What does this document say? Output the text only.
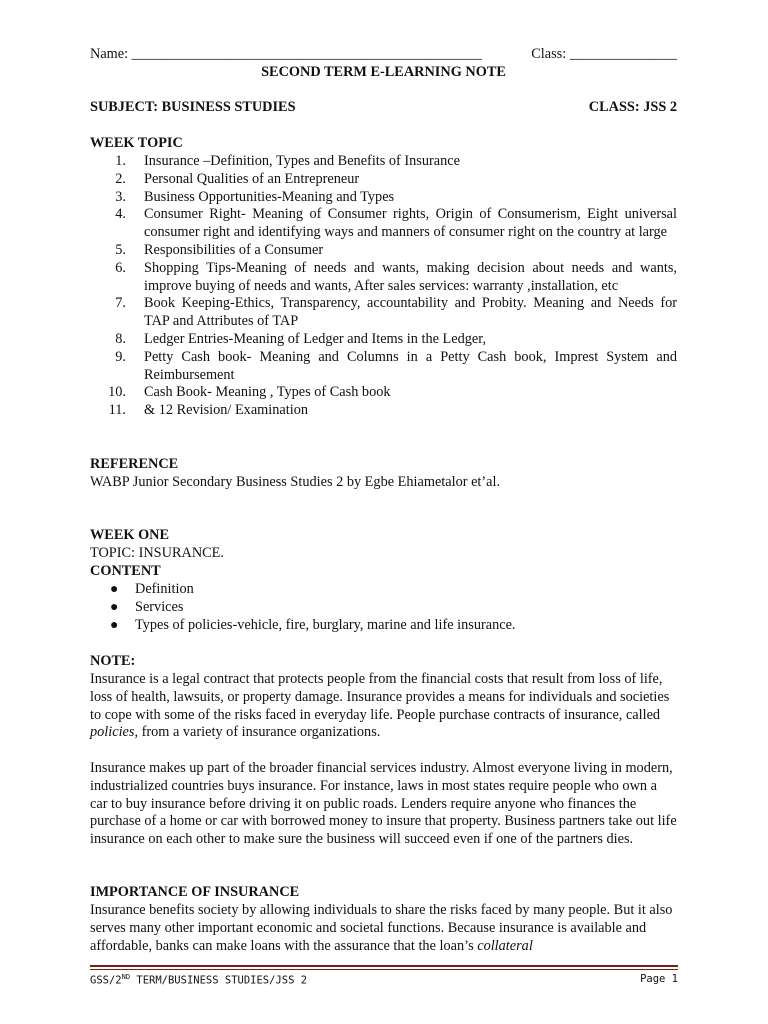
Name: _________________________________________________	Class: _______________
SECOND TERM E-LEARNING NOTE
SUBJECT: BUSINESS STUDIES	CLASS: JSS 2
WEEK TOPIC
1. Insurance –Definition, Types and Benefits of Insurance
2. Personal Qualities of an Entrepreneur
3. Business Opportunities-Meaning and Types
4. Consumer Right- Meaning of Consumer rights, Origin of Consumerism, Eight universal consumer right and identifying ways and manners of consumer right on the country at large
5. Responsibilities of a Consumer
6. Shopping Tips-Meaning of needs and wants, making decision about needs and wants, improve buying of needs and wants, After sales services: warranty ,installation, etc
7. Book Keeping-Ethics, Transparency, accountability and Probity. Meaning and Needs for TAP and Attributes of TAP
8. Ledger Entries-Meaning of Ledger and Items in the Ledger,
9. Petty Cash book- Meaning and Columns in a Petty Cash book, Imprest System and Reimbursement
10. Cash Book- Meaning , Types of Cash book
11. & 12 Revision/ Examination
REFERENCE
WABP Junior Secondary Business Studies 2 by Egbe Ehiametalor et’al.
WEEK ONE
TOPIC: INSURANCE.
CONTENT
● Definition
● Services
● Types of policies-vehicle, fire, burglary, marine and life insurance.
NOTE:

Insurance is a legal contract that protects people from the financial costs that result from loss of life, loss of health, lawsuits, or property damage. Insurance provides a means for individuals and societies to cope with some of the risks faced in everyday life. People purchase contracts of insurance, called policies, from a variety of insurance organizations.

Insurance makes up part of the broader financial services industry. Almost everyone living in modern, industrialized countries buys insurance. For instance, laws in most states require people who own a car to buy insurance before driving it on public roads. Lenders require anyone who finances the purchase of a home or car with borrowed money to insure that property. Business partners take out life insurance on each other to make sure the business will succeed even if one of the partners dies.

IMPORTANCE OF INSURANCE

Insurance benefits society by allowing individuals to share the risks faced by many people. But it also serves many other important economic and societal functions. Because insurance is available and affordable, banks can make loans with the assurance that the loan’s collateral

GSS/2ND TERM/BUSINESS STUDIES/JSS 2	Page 1
